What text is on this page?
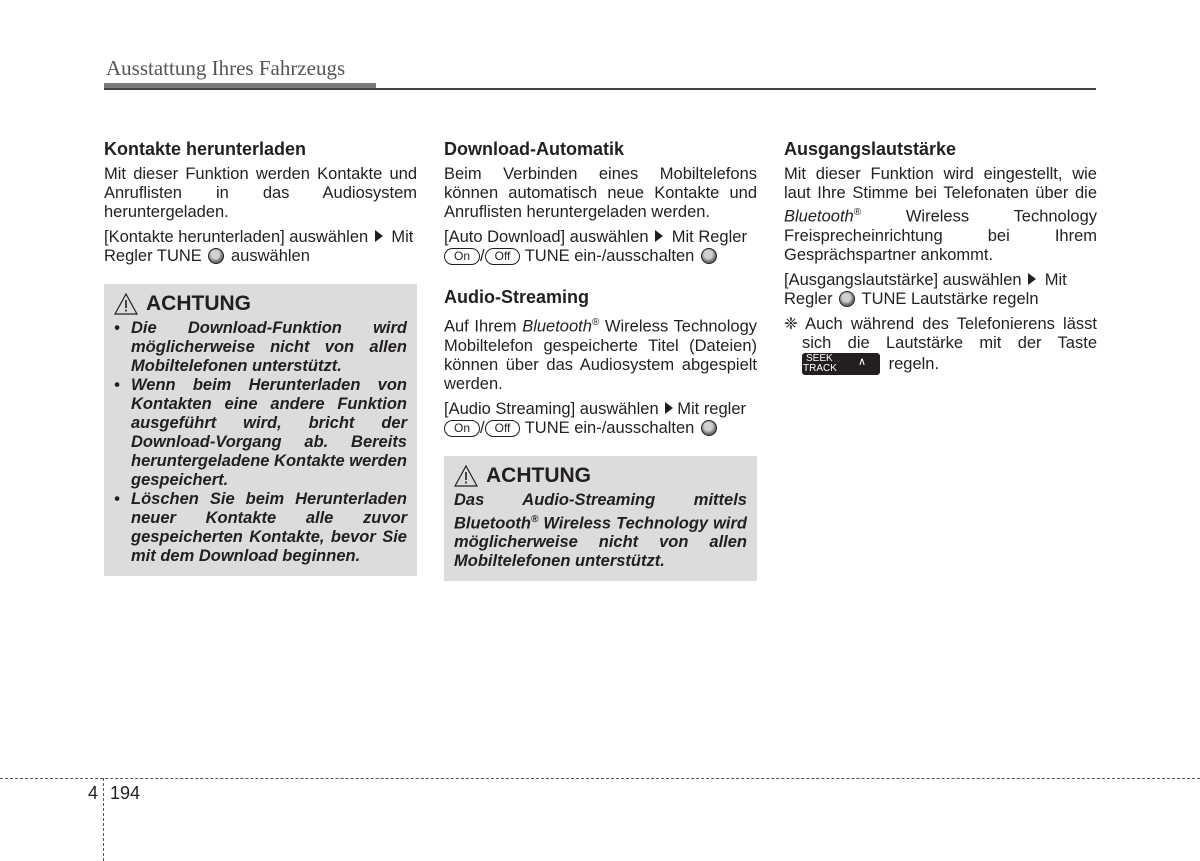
Ausstattung Ihres Fahrzeugs
Kontakte herunterladen

Mit dieser Funktion werden Kontakte und Anruflisten in das Audiosystem heruntergeladen.

[Kontakte herunterladen] auswählen Mit Regler TUNE auswählen

ACHTUNG
• Die Download-Funktion wird möglicherweise nicht von allen Mobiltelefonen unterstützt.
• Wenn beim Herunterladen von Kontakten eine andere Funktion ausgeführt wird, bricht der Download-Vorgang ab. Bereits heruntergeladene Kontakte werden gespeichert.
• Löschen Sie beim Herunterladen neuer Kontakte alle zuvor gespeicherten Kontakte, bevor Sie mit dem Download beginnen.
Download-Automatik

Beim Verbinden eines Mobiltelefons können automatisch neue Kontakte und Anruflisten heruntergeladen werden.

[Auto Download] auswählen Mit Regler
On / Off TUNE ein-/ausschalten

Audio-Streaming

Auf Ihrem Bluetooth® Wireless Technology Mobiltelefon gespeicherte Titel (Dateien) können über das Audiosystem abgespielt werden.

[Audio Streaming] auswählen Mit regler
On / Off TUNE ein-/ausschalten

ACHTUNG
Das Audio-Streaming mittels Bluetooth® Wireless Technology wird möglicherweise nicht von allen Mobiltelefonen unterstützt.
Ausgangslautstärke

Mit dieser Funktion wird eingestellt, wie laut Ihre Stimme bei Telefonaten über die Bluetooth®	Wireless Technology Freisprecheinrichtung bei Ihrem Gesprächspartner ankommt.

[Ausgangslautstärke] auswählen Mit Regler TUNE Lautstärke regeln

❈ Auch während des Telefonierens lässt sich die Lautstärke mit der Taste
∨ SEEK
TRACK
∧	regeln.

4 194
